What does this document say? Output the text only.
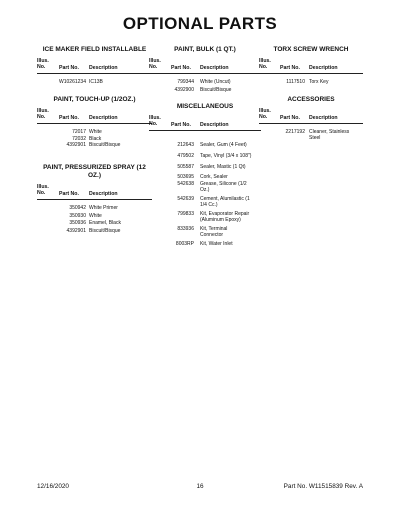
OPTIONAL PARTS
ICE MAKER FIELD INSTALLABLE
Illus.
No.	Part No. Description
W10261234 IC13B
PAINT, TOUCH-UP (1/2OZ.)
Illus.
No.	Part No. Description
72017 White
72032 Black
4392901 Biscuit/Bisque
PAINT, PRESSURIZED SPRAY (12 OZ.)
Illus.
No.	Part No. Description
350942 White Primer
350930 White
350936 Enamel, Black
4392901 Biscuit/Bisque
PAINT, BULK (1 QT.)
Illus.
No.	Part No. Description
799344 White (Uncut)
4392900 Biscuit/Bisque
MISCELLANEOUS
Illus.
No.	Part No. Description
212643 Sealer, Gum (4 Feet)
479502 Tape, Vinyl (3/4 x 108")
505587 Sealer, Mastic (1 Qt)
503695 Cork, Sealer
542638 Grease, Silicone (1/2 Oz.)
542639 Cement, Alumilastic (1 1/4 Cc.)
799833 Kit, Evaporator Repair (Aluminum Epoxy)
833936 Kit, Terminal Connector
8003RP Kit, Water Inlet
TORX SCREW WRENCH
Illus.
No.	Part No. Description
1117510 Torx Key
ACCESSORIES
Illus.
No.	Part No. Description
2217192 Cleaner, Stainless Steel
12/16/2020	16	Part No. W11515839 Rev. A
